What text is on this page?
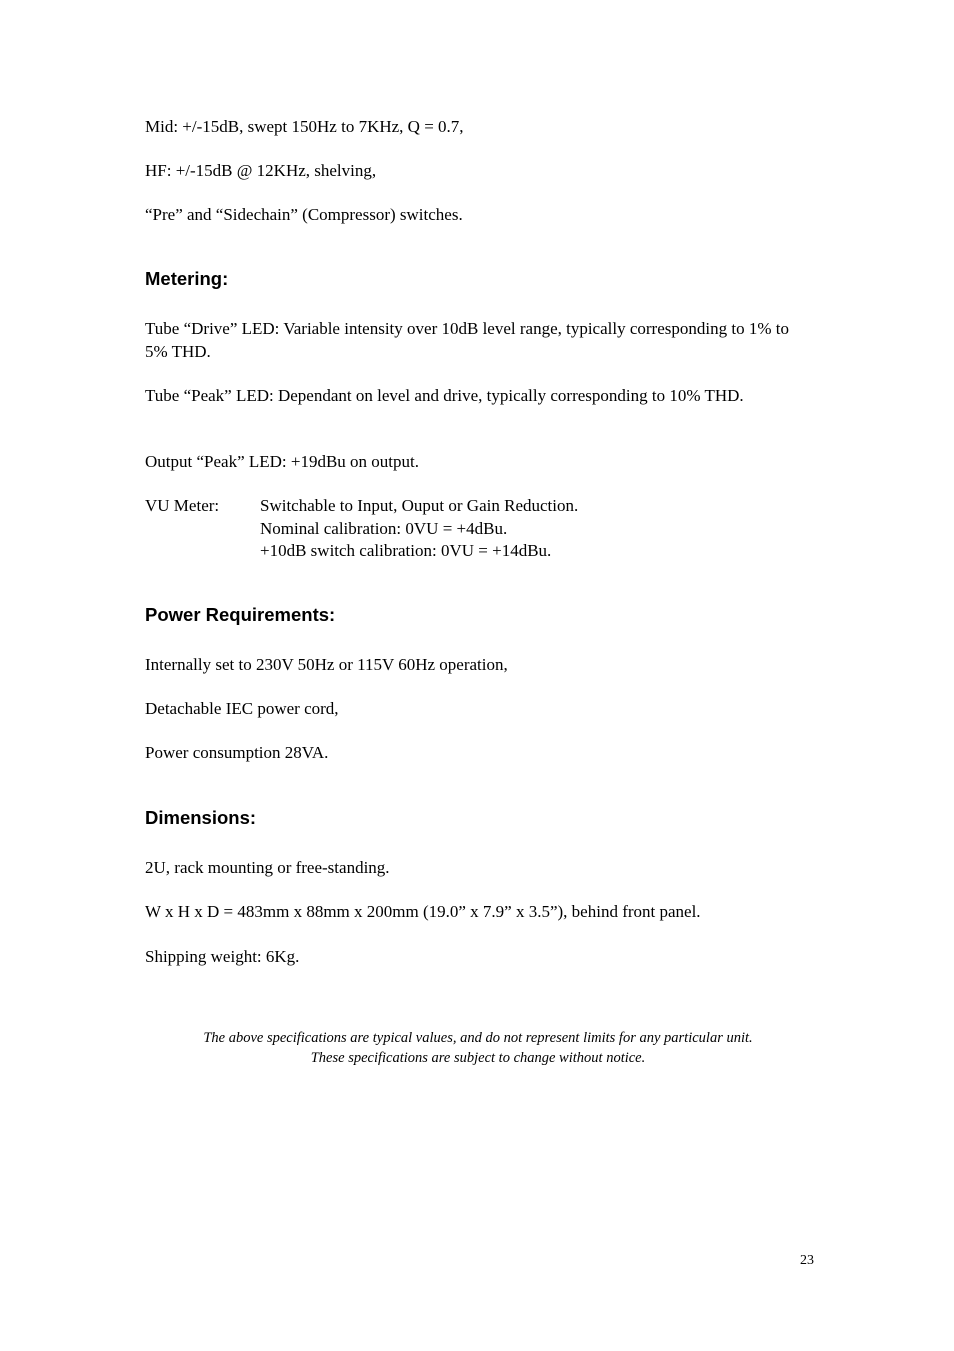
Mid: +/-15dB, swept 150Hz to 7KHz, Q = 0.7,
HF: +/-15dB @ 12KHz, shelving,
“Pre” and “Sidechain” (Compressor) switches.
Metering:
Tube “Drive” LED: Variable intensity over 10dB level range, typically corresponding to 1% to 5% THD.
Tube “Peak” LED: Dependant on level and drive, typically corresponding to 10% THD.
Output “Peak” LED: +19dBu on output.
VU Meter: Switchable to Input, Ouput or Gain Reduction.
Nominal calibration: 0VU = +4dBu.
+10dB switch calibration: 0VU = +14dBu.
Power Requirements:
Internally set to 230V 50Hz or 115V 60Hz operation,
Detachable IEC power cord,
Power consumption 28VA.
Dimensions:
2U, rack mounting or free-standing.
W x H x D = 483mm x 88mm x 200mm (19.0” x 7.9” x 3.5”), behind front panel.
Shipping weight: 6Kg.
The above specifications are typical values, and do not represent limits for any particular unit.
These specifications are subject to change without notice.
23
